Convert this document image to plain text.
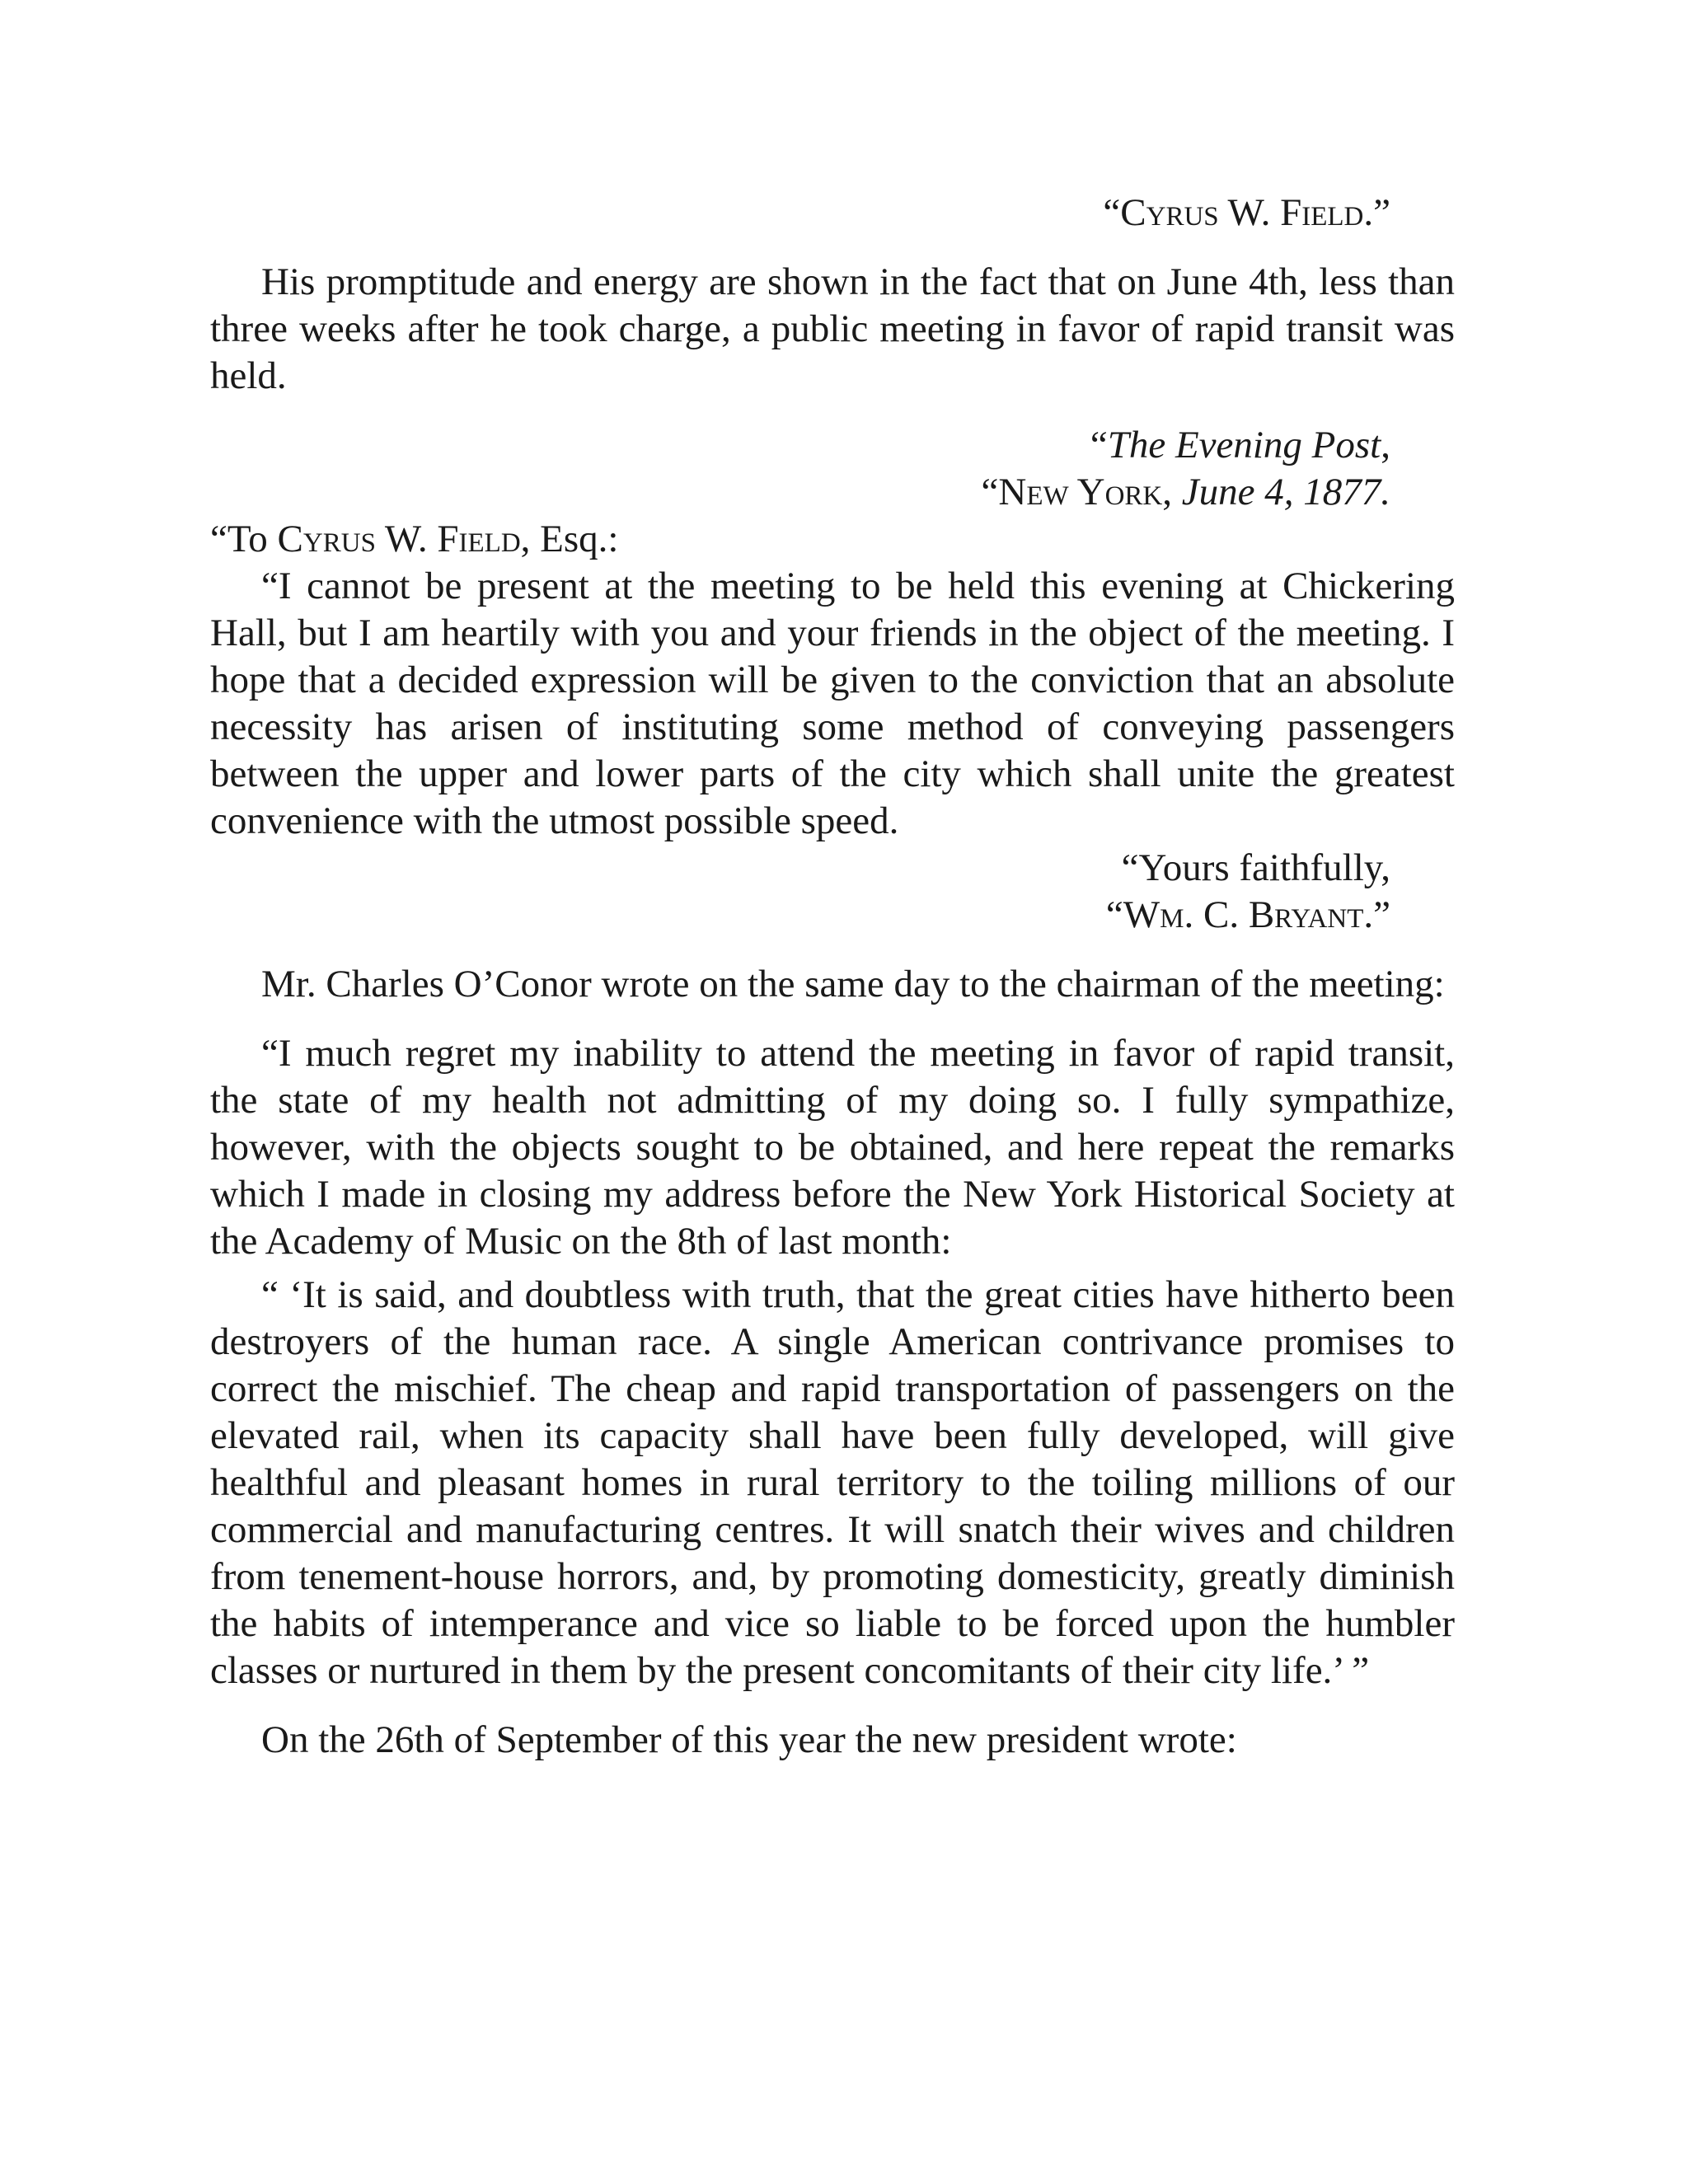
“Cyrus W. Field.”

His promptitude and energy are shown in the fact that on June 4th, less than three weeks after he took charge, a public meeting in favor of rapid transit was held.

“The Evening Post,

“New York, June 4, 1877.

“To Cyrus W. Field, Esq.:

“I cannot be present at the meeting to be held this evening at Chickering Hall, but I am heartily with you and your friends in the object of the meeting. I hope that a decided expression will be given to the conviction that an absolute necessity has arisen of instituting some method of conveying passengers between the upper and lower parts of the city which shall unite the greatest convenience with the utmost possible speed.

“Yours faithfully,

“Wm. C. Bryant.”

Mr. Charles O’Conor wrote on the same day to the chairman of the meeting:

“I much regret my inability to attend the meeting in favor of rapid transit, the state of my health not admitting of my doing so. I fully sympathize, however, with the objects sought to be obtained, and here repeat the remarks which I made in closing my address before the New York Historical Society at the Academy of Music on the 8th of last month:

“ ‘It is said, and doubtless with truth, that the great cities have hitherto been destroyers of the human race. A single American contrivance promises to correct the mischief. The cheap and rapid transportation of passengers on the elevated rail, when its capacity shall have been fully developed, will give healthful and pleasant homes in rural territory to the toiling millions of our commercial and manufacturing centres. It will snatch their wives and children from tenement-house horrors, and, by promoting domesticity, greatly diminish the habits of intemperance and vice so liable to be forced upon the humbler classes or nurtured in them by the present concomitants of their city life.’ ”

On the 26th of September of this year the new president wrote:
